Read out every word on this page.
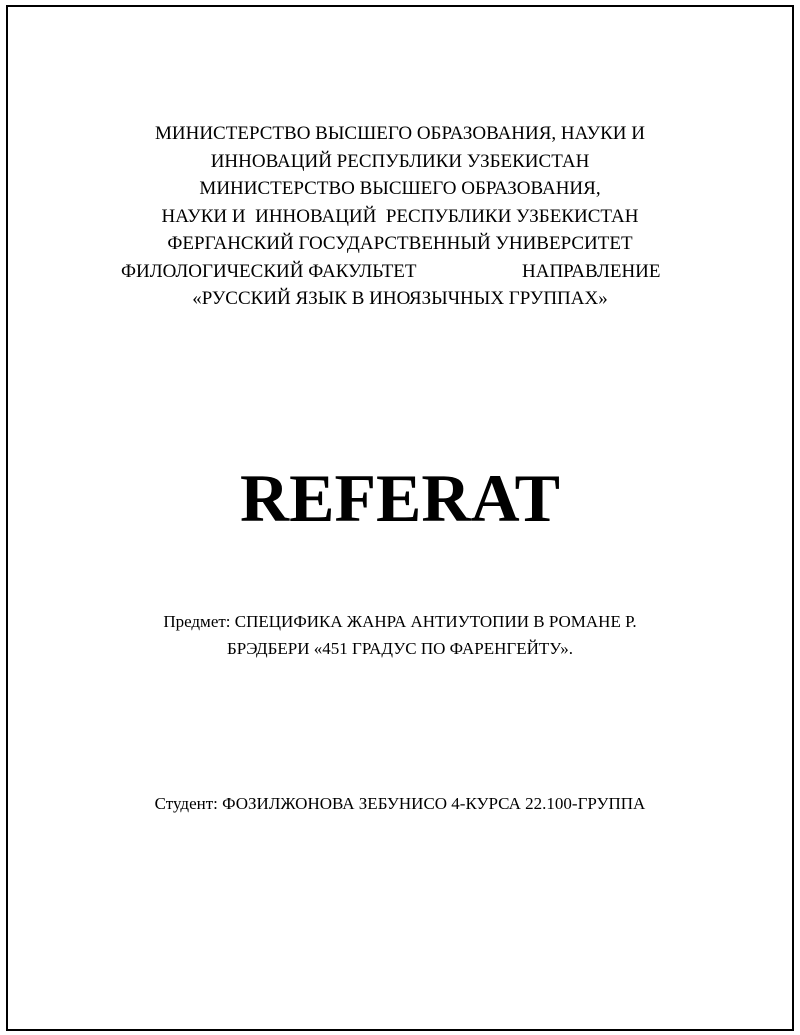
МИНИСТЕРСТВО ВЫСШЕГО ОБРАЗОВАНИЯ, НАУКИ И
ИННОВАЦИЙ РЕСПУБЛИКИ УЗБЕКИСТАН
МИНИСТЕРСТВО ВЫСШЕГО ОБРАЗОВАНИЯ,
НАУКИ И  ИННОВАЦИЙ  РЕСПУБЛИКИ УЗБЕКИСТАН
ФЕРГАНСКИЙ ГОСУДАРСТВЕННЫЙ УНИВЕРСИТЕТ
ФИЛОЛОГИЧЕСКИЙ ФАКУЛЬТЕТ	НАПРАВЛЕНИЕ
«РУССКИЙ ЯЗЫК В ИНОЯЗЫЧНЫХ ГРУППАХ»
REFERAT
Предмет: СПЕЦИФИКА ЖАНРА АНТИУТОПИИ В РОМАНЕ Р.
БРЭДБЕРИ «451 ГРАДУС ПО ФАРЕНГЕЙТУ».
Студент: ФОЗИЛЖОНОВА ЗЕБУНИСО 4-КУРСА 22.100-ГРУППА
